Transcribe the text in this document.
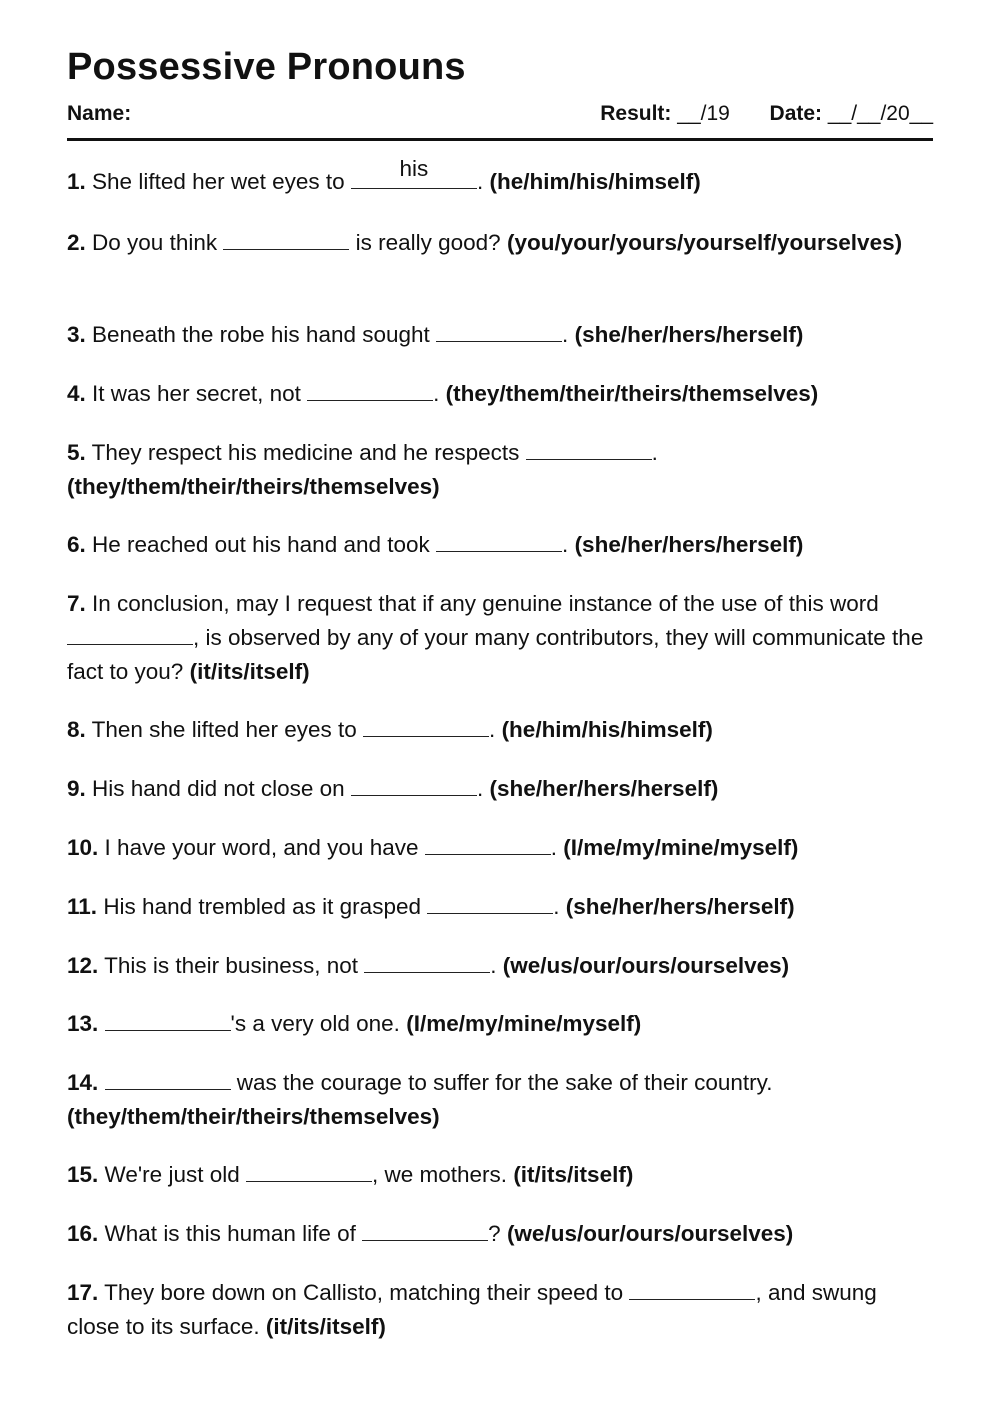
Possessive Pronouns
Name:	Result: __/19 Date: __/__/20__
1. She lifted her wet eyes to
his
. (he/him/his/himself)
2. Do you think	is really good? (you/your/yours/yourself/yourselves)
3. Beneath the robe his hand sought	. (she/her/hers/herself)
4. It was her secret, not	. (they/them/their/theirs/themselves)
5. They respect his medicine and he respects	. (they/them/their/theirs/themselves)
6. He reached out his hand and took	. (she/her/hers/herself)
7. In conclusion, may I request that if any genuine instance of the use of this word
, is observed by any of your many contributors, they will communicate the fact to you? (it/its/itself)
8. Then she lifted her eyes to	. (he/him/his/himself)
9. His hand did not close on	. (she/her/hers/herself)
10. I have your word, and you have	. (I/me/my/mine/myself)
11. His hand trembled as it grasped	. (she/her/hers/herself)
12. This is their business, not	. (we/us/our/ours/ourselves)
13.	's a very old one. (I/me/my/mine/myself)
14.	was the courage to suffer for the sake of their country. (they/them/their/theirs/themselves)
15. We're just old	, we mothers. (it/its/itself)
16. What is this human life of	? (we/us/our/ours/ourselves)
17. They bore down on Callisto, matching their speed to	, and swung close to its surface. (it/its/itself)
